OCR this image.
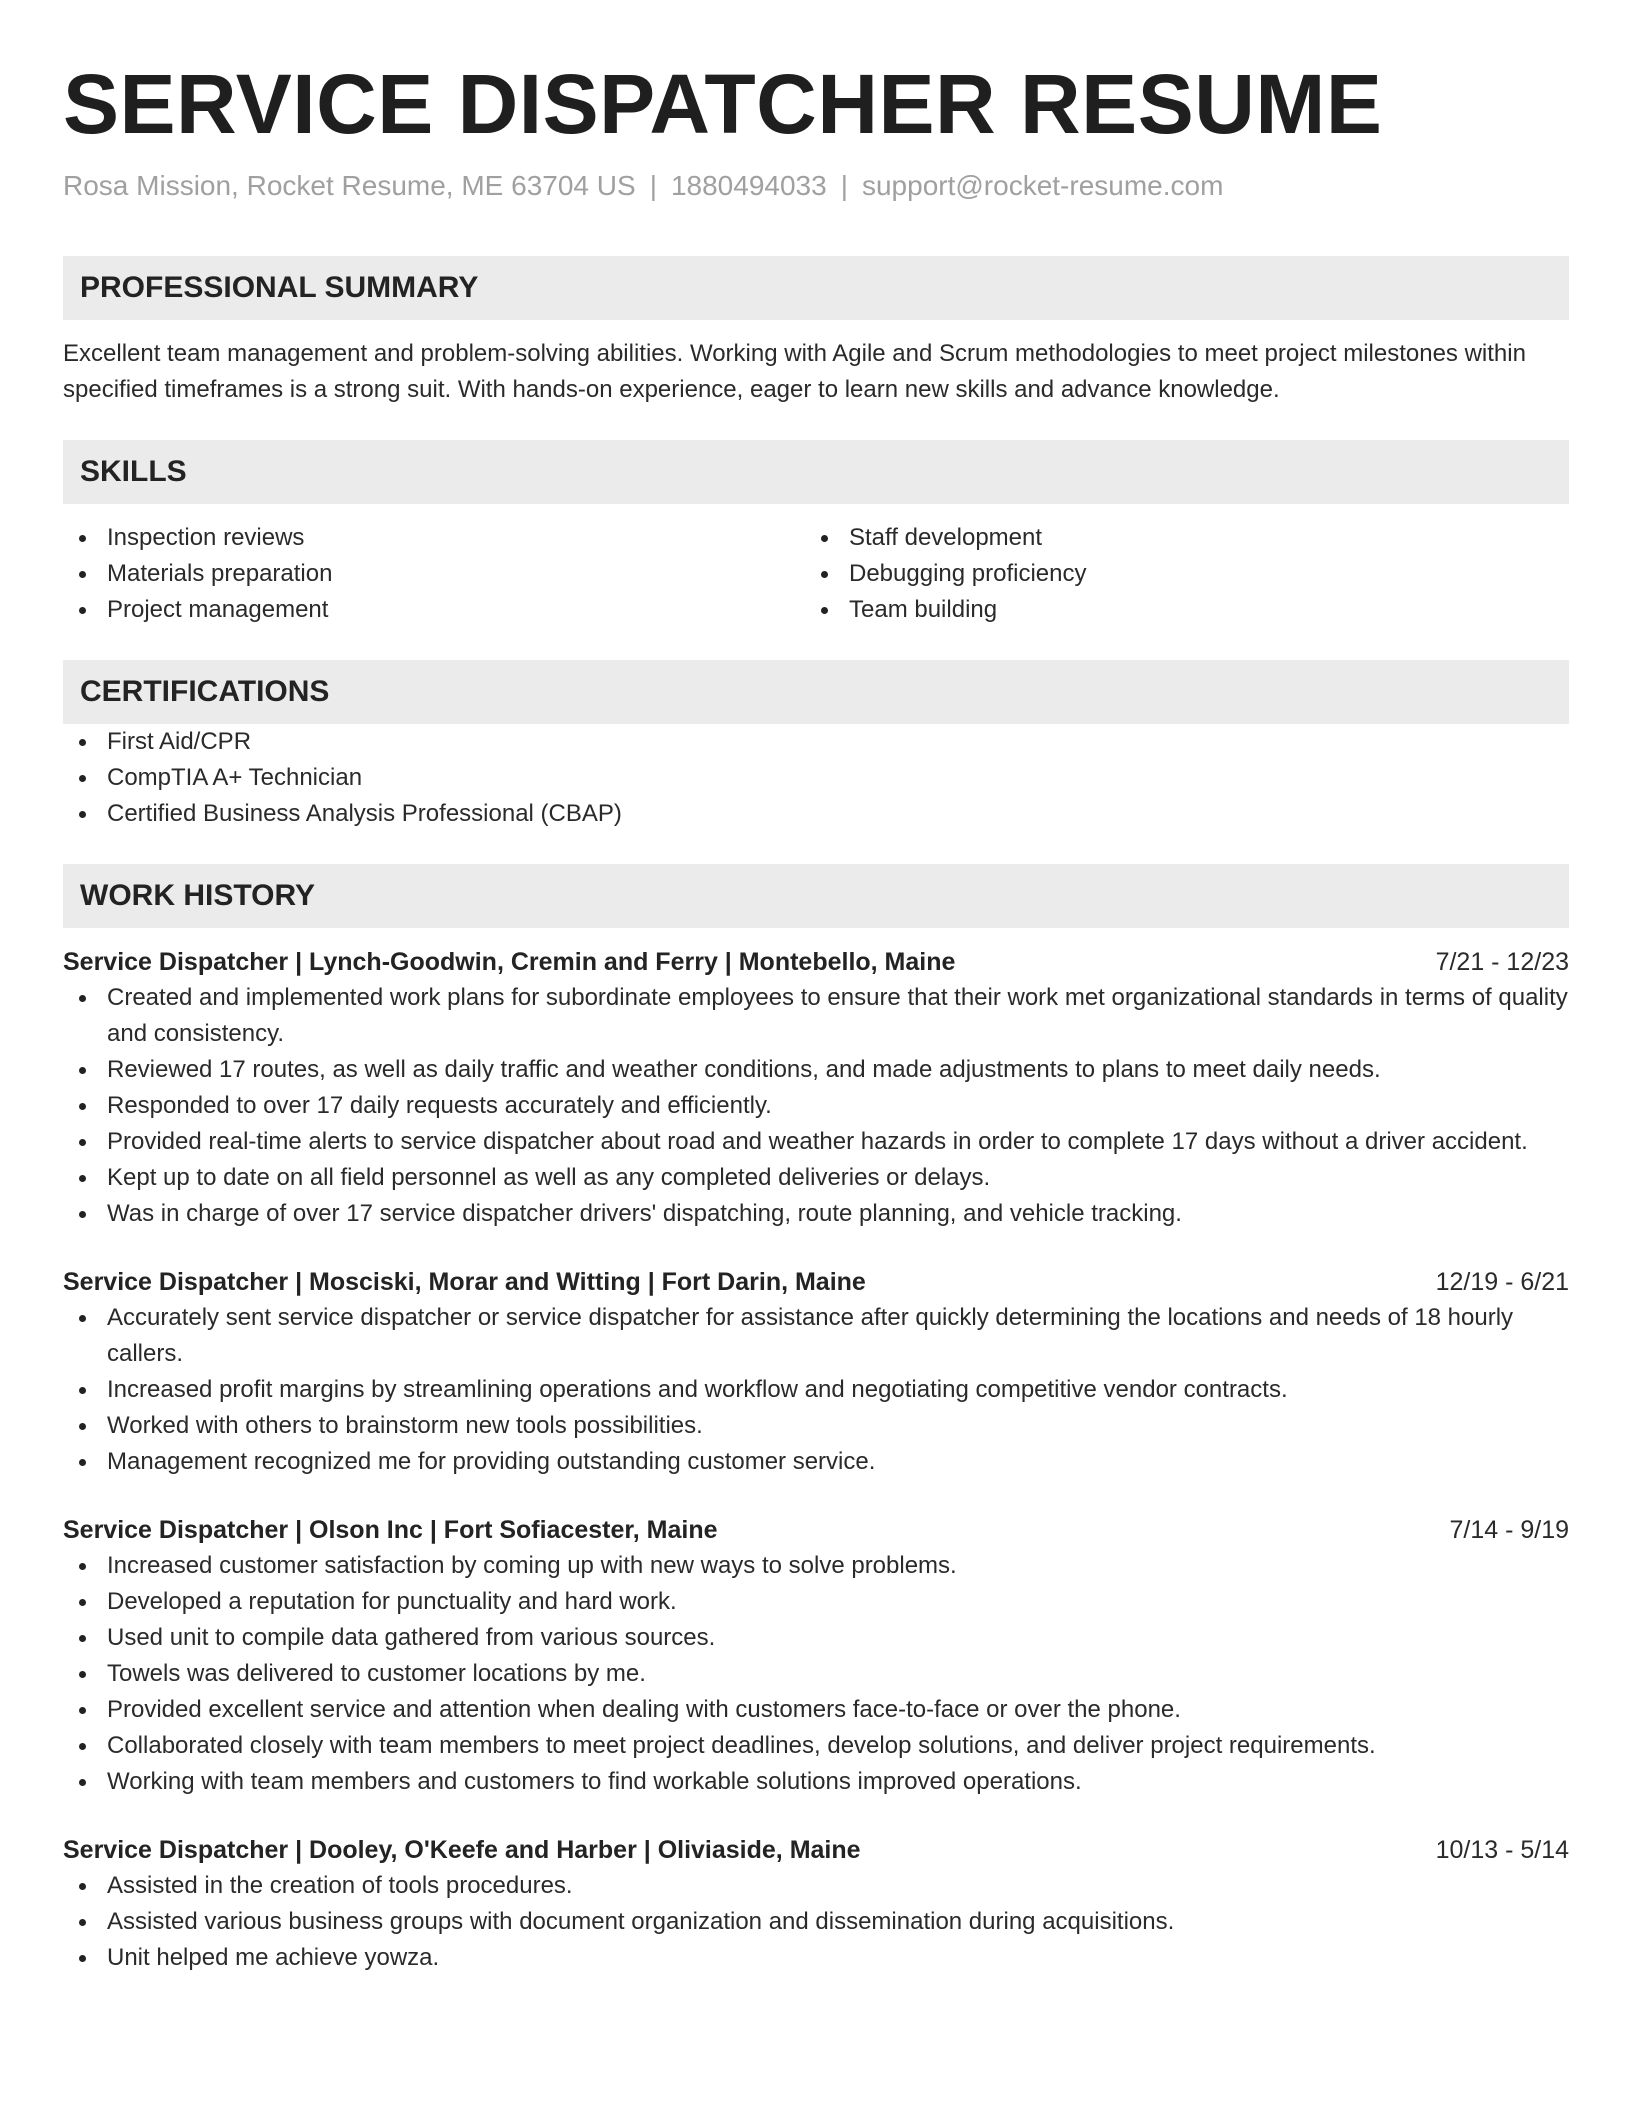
SERVICE DISPATCHER RESUME
Rosa Mission, Rocket Resume, ME 63704 US | 1880494033 | support@rocket-resume.com
PROFESSIONAL SUMMARY

Excellent team management and problem-solving abilities. Working with Agile and Scrum methodologies to meet project milestones within specified timeframes is a strong suit. With hands-on experience, eager to learn new skills and advance knowledge.

SKILLS
Inspection reviews
Materials preparation
Project management
Staff development
Debugging proficiency
Team building
CERTIFICATIONS
First Aid/CPR
CompTIA A+ Technician
Certified Business Analysis Professional (CBAP)
WORK HISTORY
Service Dispatcher | Lynch-Goodwin, Cremin and Ferry | Montebello, Maine	7/21 - 12/23
Created and implemented work plans for subordinate employees to ensure that their work met organizational standards in terms of quality and consistency.
Reviewed 17 routes, as well as daily traffic and weather conditions, and made adjustments to plans to meet daily needs.
Responded to over 17 daily requests accurately and efficiently.
Provided real-time alerts to service dispatcher about road and weather hazards in order to complete 17 days without a driver accident.
Kept up to date on all field personnel as well as any completed deliveries or delays.
Was in charge of over 17 service dispatcher drivers' dispatching, route planning, and vehicle tracking.
Service Dispatcher | Mosciski, Morar and Witting | Fort Darin, Maine	12/19 - 6/21
Accurately sent service dispatcher or service dispatcher for assistance after quickly determining the locations and needs of 18 hourly callers.
Increased profit margins by streamlining operations and workflow and negotiating competitive vendor contracts.
Worked with others to brainstorm new tools possibilities.
Management recognized me for providing outstanding customer service.
Service Dispatcher | Olson Inc | Fort Sofiacester, Maine	7/14 - 9/19
Increased customer satisfaction by coming up with new ways to solve problems.
Developed a reputation for punctuality and hard work.
Used unit to compile data gathered from various sources.
Towels was delivered to customer locations by me.
Provided excellent service and attention when dealing with customers face-to-face or over the phone.
Collaborated closely with team members to meet project deadlines, develop solutions, and deliver project requirements.
Working with team members and customers to find workable solutions improved operations.
Service Dispatcher | Dooley, O'Keefe and Harber | Oliviaside, Maine	10/13 - 5/14
Assisted in the creation of tools procedures.
Assisted various business groups with document organization and dissemination during acquisitions.
Unit helped me achieve yowza.
